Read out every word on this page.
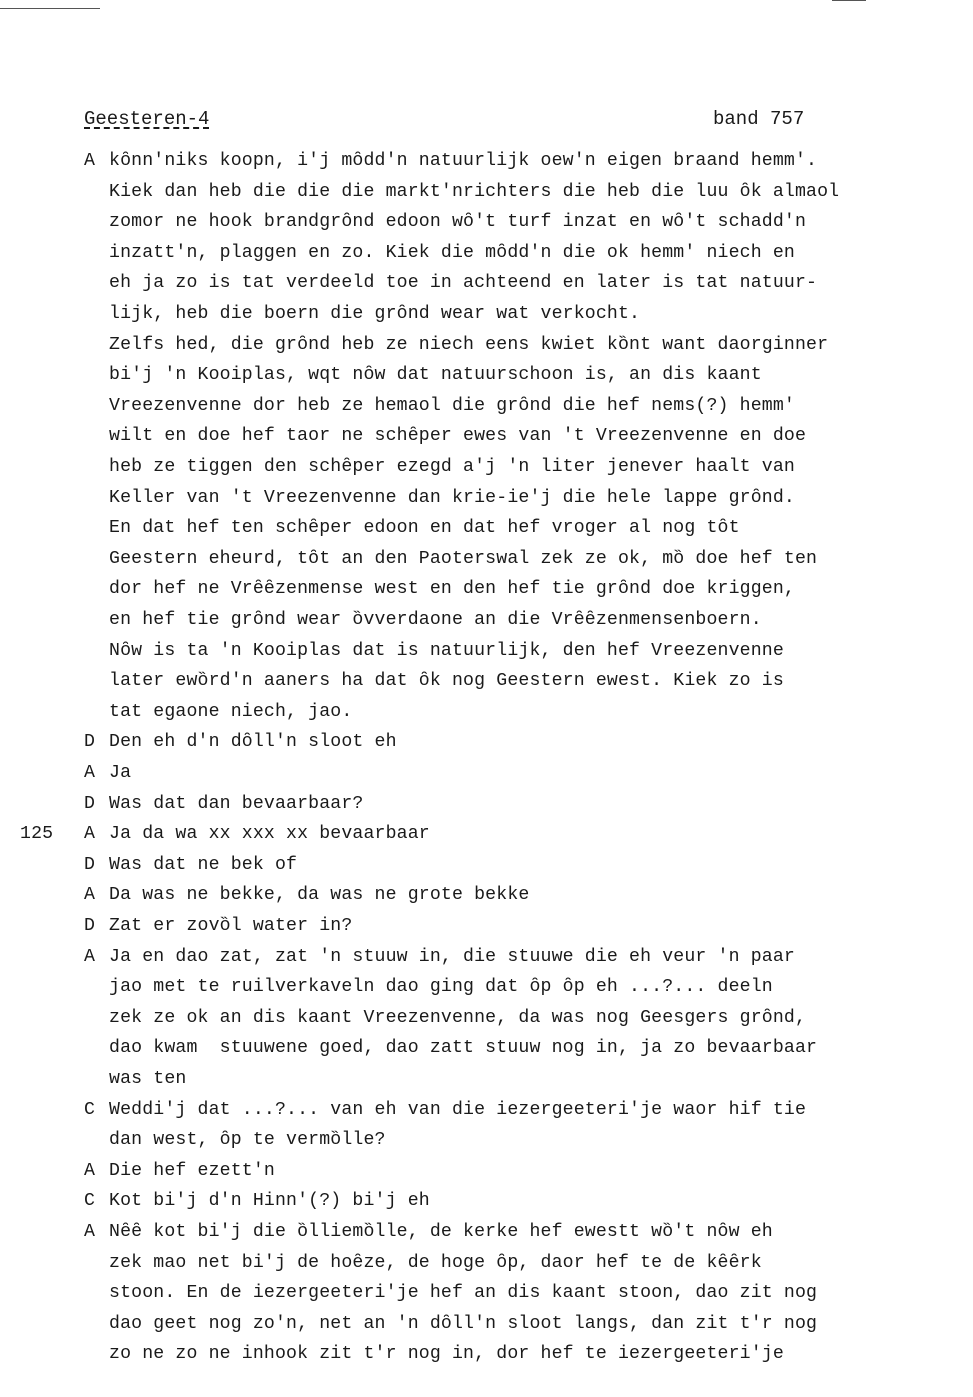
Geesteren-4	band 757
A kȏnn'niks koopn, i'j mȏdd'n natuurlijk oew'n eigen braand hemm'.
Kiek dan heb die die die markt'nrichters die heb die luu ȏk almaol
zomor ne hook brandgrȏnd edoon wȏ't turf inzat en wȏ't schadd'n
inzatt'n, plaggen en zo. Kiek die mȏdd'n die ok hemm' niech en
eh ja zo is tat verdeeld toe in achteend en later is tat natuur-
lijk, heb die boern die grȏnd wear wat verkocht.
Zelfs hed, die grȏnd heb ze niech eens kwiet kȍnt want daorginner
bi'j 'n Kooiplas, wqt nȏw dat natuurschoon is, an dis kaant
Vreezenvenne dor heb ze hemaol die grȏnd die hef nems(?) hemm'
wilt en doe hef taor ne schȇper ewes van 't Vreezenvenne en doe
heb ze tiggen den schȇper ezegd a'j 'n liter jenever haalt van
Keller van 't Vreezenvenne dan krie-ie'j die hele lappe grȏnd.
En dat hef ten schȇper edoon en dat hef vroger al nog tȏt
Geestern eheurd, tȏt an den Paoterswal zek ze ok, mȍ doe hef ten
dor hef ne Vrȇȇzenmense west en den hef tie grȏnd doe kriggen,
en hef tie grȏnd wear ȍvverdaone an die Vrȇȇzenmensenboern.
Nȏw is ta 'n Kooiplas dat is natuurlijk, den hef Vreezenvenne
later ewȍrd'n aaners ha dat ȏk nog Geestern ewest. Kiek zo is
tat egaone niech, jao.
D Den eh d'n dȏll'n sloot eh
A Ja
D Was dat dan bevaarbaar?
125 A Ja da wa xx xxx xx bevaarbaar
D Was dat ne bek of
A Da was ne bekke, da was ne grote bekke
D Zat er zovȍl water in?
A Ja en dao zat, zat 'n stuuw in, die stuuwe die eh veur 'n paar
jao met te ruilverkaveln dao ging dat ȏp ȏp eh ...?... deeln
zek ze ok an dis kaant Vreezenvenne, da was nog Geesgers grȏnd,
dao kwam  stuuwene goed, dao zatt stuuw nog in, ja zo bevaarbaar
was ten
C Weddi'j dat ...?... van eh van die iezergeeteri'je waor hif tie
dan west, ȏp te vermȍlle?
A Die hef ezett'n
C Kot bi'j d'n Hinn'(?) bi'j eh
A Nȇȇ kot bi'j die ȍlliemȍlle, de kerke hef ewestt wȍ't nȏw eh
zek mao net bi'j de hoȇze, de hoge ȏp, daor hef te de kȇȇrk
stoon. En de iezergeeteri'je hef an dis kaant stoon, dao zit nog
dao geet nog zo'n, net an 'n dȏll'n sloot langs, dan zit t'r nog
zo ne zo ne inhook zit t'r nog in, dor hef te iezergeeteri'je
